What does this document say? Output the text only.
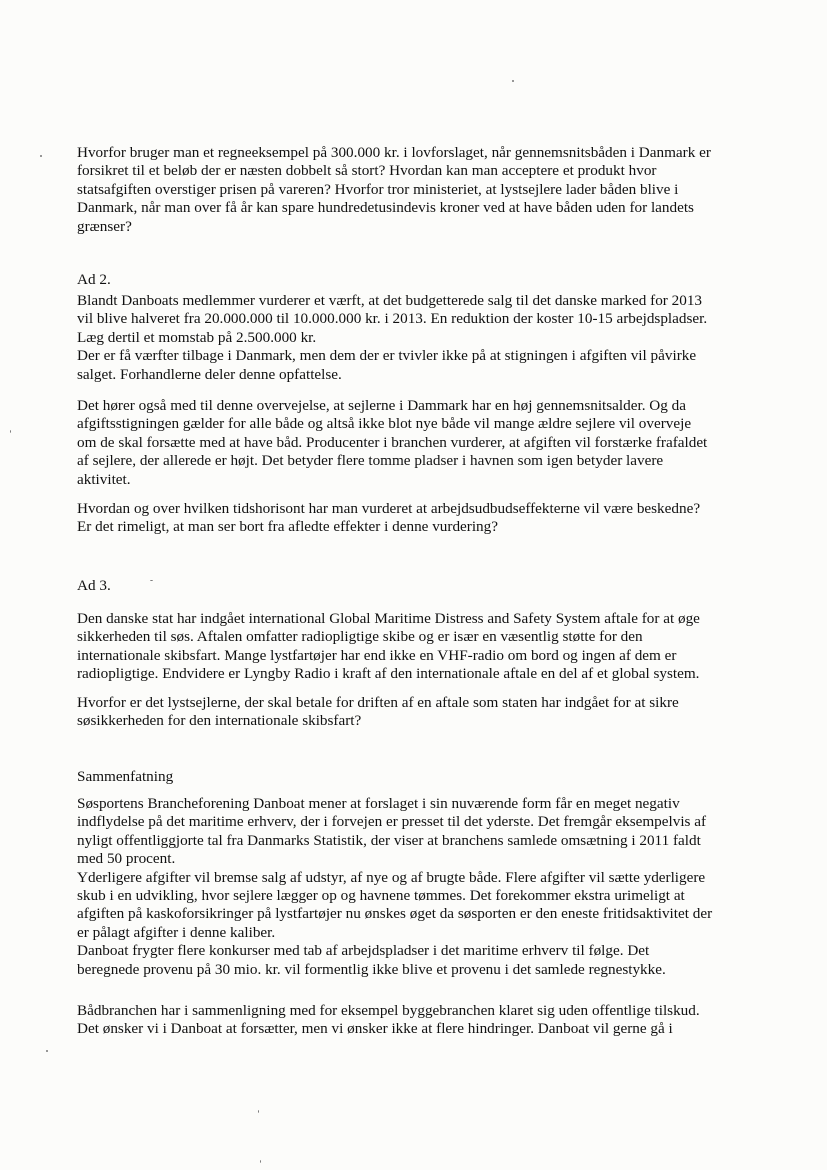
Hvorfor bruger man et regneeksempel på 300.000 kr. i lovforslaget, når gennemsnitsbåden i Danmark er
forsikret til et beløb der er næsten dobbelt så stort? Hvordan kan man acceptere et produkt hvor
statsafgiften overstiger prisen på vareren? Hvorfor tror ministeriet, at lystsejlere lader båden blive i
Danmark, når man over få år kan spare hundredetusindevis kroner ved at have båden uden for landets
grænser?
Ad 2.
Blandt Danboats medlemmer vurderer et værft, at det budgetterede salg til det danske marked for 2013
vil blive halveret fra 20.000.000 til 10.000.000 kr. i 2013. En reduktion der koster 10-15 arbejdspladser.
Læg dertil et momstab på 2.500.000 kr.
Der er få værfter tilbage i Danmark, men dem der er tvivler ikke på at stigningen i afgiften vil påvirke
salget. Forhandlerne deler denne opfattelse.
Det hører også med til denne overvejelse, at sejlerne i Dammark har en høj gennemsnitsalder. Og da
afgiftsstigningen gælder for alle både og altså ikke blot nye både vil mange ældre sejlere vil overveje
om de skal forsætte med at have båd. Producenter i branchen vurderer, at afgiften vil forstærke frafaldet
af sejlere, der allerede er højt. Det betyder flere tomme pladser i havnen som igen betyder lavere
aktivitet.
Hvordan og over hvilken tidshorisont har man vurderet at arbejdsudbudseffekterne vil være beskedne?
Er det rimeligt, at man ser bort fra afledte effekter i denne vurdering?
Ad 3.
Den danske stat har indgået international Global Maritime Distress and Safety System aftale for at øge
sikkerheden til søs. Aftalen omfatter radiopligtige skibe og er især en væsentlig støtte for den
internationale skibsfart. Mange lystfartøjer har end ikke en VHF-radio om bord og ingen af dem er
radiopligtige. Endvidere er Lyngby Radio i kraft af den internationale aftale en del af et global system.
Hvorfor er det lystsejlerne, der skal betale for driften af en aftale som staten har indgået for at sikre
søsikkerheden for den internationale skibsfart?
Sammenfatning
Søsportens Brancheforening Danboat mener at forslaget i sin nuværende form får en meget negativ
indflydelse på det maritime erhverv, der i forvejen er presset til det yderste. Det fremgår eksempelvis af
nyligt offentliggjorte tal fra Danmarks Statistik, der viser at branchens samlede omsætning i 2011 faldt
med 50 procent.
Yderligere afgifter vil bremse salg af udstyr, af nye og af brugte både. Flere afgifter vil sætte yderligere
skub i en udvikling, hvor sejlere lægger op og havnene tømmes. Det forekommer ekstra urimeligt at
afgiften på kaskoforsikringer på lystfartøjer nu ønskes øget da søsporten er den eneste fritidsaktivitet der
er pålagt afgifter i denne kaliber.
Danboat frygter flere konkurser med tab af arbejdspladser i det maritime erhverv til følge. Det
beregnede provenu på 30 mio. kr. vil formentlig ikke blive et provenu i det samlede regnestykke.
Bådbranchen har i sammenligning med for eksempel byggebranchen klaret sig uden offentlige tilskud.
Det ønsker vi i Danboat at forsætter, men vi ønsker ikke at flere hindringer. Danboat vil gerne gå i
